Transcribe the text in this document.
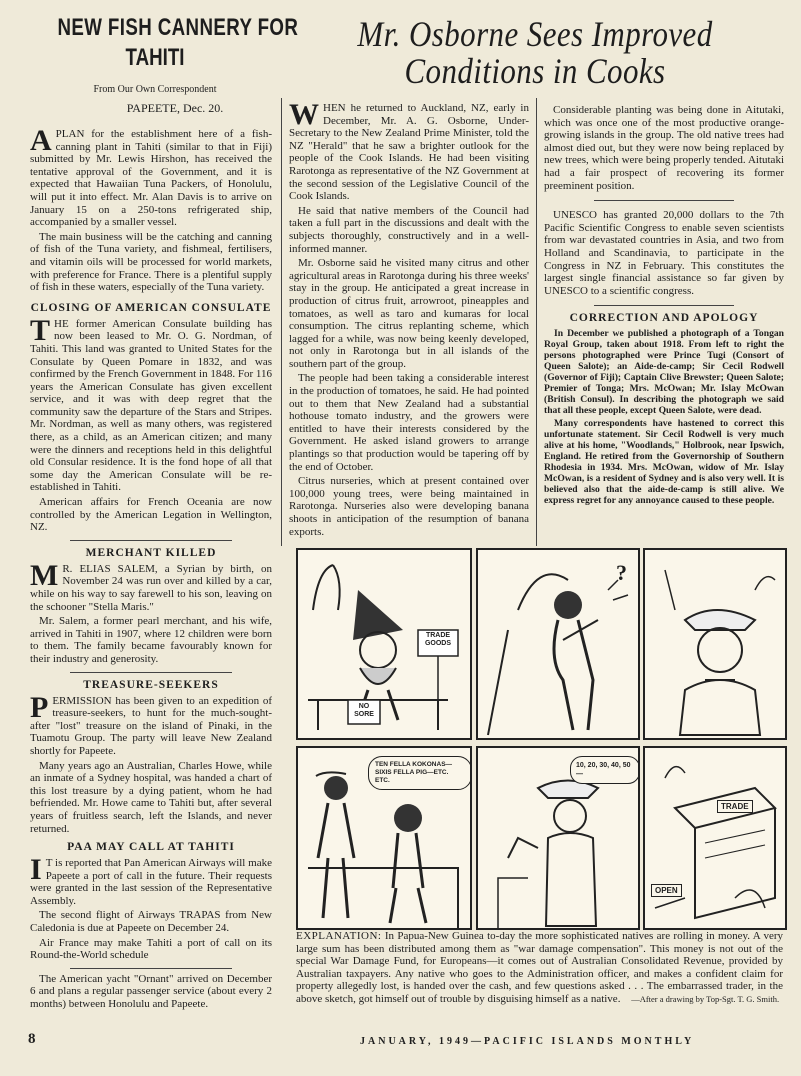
NEW FISH CANNERY FOR
TAHITI
From Our Own Correspondent
PAPEETE, Dec. 20.
Mr. Osborne Sees Improved
Conditions in Cooks

APLAN for the establishment here of a fish-canning plant in Tahiti (similar to that in Fiji) submitted by Mr. Lewis Hirshon, has received the tentative approval of the Government, and it is expected that Hawaiian Tuna Packers, of Honolulu, will put it into effect. Mr. Alan Davis is to arrive on January 15 on a 250-tons refrigerated ship, accompanied by a smaller vessel.

The main business will be the catching and canning of fish of the Tuna variety, and fishmeal, fertilisers, and vitamin oils will be processed for world markets, with preference for France. There is a plentiful supply of fish in these waters, especially of the Tuna variety.

CLOSING OF AMERICAN CONSULATE

THE former American Consulate building has now been leased to Mr. O. G. Nordman, of Tahiti. This land was granted to United States for the Consulate by Queen Pomare in 1832, and was confirmed by the French Government in 1848. For 116 years the American Consulate has given excellent service, and it was with deep regret that the community saw the departure of the Stars and Stripes. Mr. Nordman, as well as many others, was registered there, as a child, as an American citizen; and many were the dinners and receptions held in this delightful old Consular residence. It is the fond hope of all that some day the American Consulate will be re-established in Tahiti.

American affairs for French Oceania are now controlled by the American Legation in Wellington, NZ.

MERCHANT KILLED

M R. ELIAS SALEM, a Syrian by birth, on November 24 was run over and killed by a car, while on his way to say farewell to his son, leaving on the schooner "Stella Maris."

Mr. Salem, a former pearl merchant, and his wife, arrived in Tahiti in 1907, where 12 children were born to them. The family became favourably known for their industry and generosity.

TREASURE-SEEKERS

PERMISSION has been given to an expedition of treasure-seekers, to hunt for the much-sought-after "lost" treasure on the island of Pinaki, in the Tuamotu Group. The party will leave New Zealand shortly for Papeete.

Many years ago an Australian, Charles Howe, while an inmate of a Sydney hospital, was handed a chart of this lost treasure by a dying patient, whom he had befriended. Mr. Howe came to Tahiti but, after several years of fruitless search, left the Islands, and never returned.

PAA MAY CALL AT TAHITI

I T is reported that Pan American Airways will make Papeete a port of call in the future. Their requests were granted in the last session of the Representative Assembly.

The second flight of Airways TRAPAS from New Caledonia is due at Papeete on December 24.

Air France may make Tahiti a port of call on its Round-the-World schedule

The American yacht "Ornant" arrived on December 6 and plans a regular passenger service (about every 2 months) between Honolulu and Papeete.

WHEN he returned to Auckland, NZ, early in December, Mr. A. G. Osborne, Under-Secretary to the New Zealand Prime Minister, told the NZ "Herald" that he saw a brighter outlook for the people of the Cook Islands. He had been visiting Rarotonga as representative of the NZ Government at the second session of the Legislative Council of the Cook Islands.

He said that native members of the Council had taken a full part in the discussions and dealt with the subjects thoroughly, constructively and in a well-informed manner.

Mr. Osborne said he visited many citrus and other agricultural areas in Rarotonga during his three weeks' stay in the group. He anticipated a great increase in production of citrus fruit, arrowroot, pineapples and tomatoes, as well as taro and kumaras for local consumption. The citrus replanting scheme, which lagged for a while, was now being keenly developed, not only in Rarotonga but in all islands of the southern part of the group.

The people had been taking a considerable interest in the production of tomatoes, he said. He had pointed out to them that New Zealand had a substantial hothouse tomato industry, and the growers were entitled to have their interests considered by the Government. He asked island growers to arrange plantings so that production would be tapering off by the end of October.

Citrus nurseries, which at present contained over 100,000 young trees, were being maintained in Rarotonga. Nurseries also were developing banana shoots in anticipation of the resumption of banana exports.

Considerable planting was being done in Aitutaki, which was once one of the most productive orange-growing islands in the group. The old native trees had almost died out, but they were now being replaced by new trees, which were being properly tended. Aitutaki had a fair prospect of recovering its former preeminent position.

UNESCO has granted 20,000 dollars to the 7th Pacific Scientific Congress to enable seven scientists from war devastated countries in Asia, and two from Holland and Scandinavia, to participate in the Congress in NZ in February. This constitutes the largest single financial assistance so far given by UNESCO to a scientific congress.

CORRECTION AND APOLOGY

In December we published a photograph of a Tongan Royal Group, taken about 1918. From left to right the persons photographed were Prince Tugi (Consort of Queen Salote); an Aide-de-camp; Sir Cecil Rodwell (Governor of Fiji); Captain Clive Brewster; Queen Salote; Premier of Tonga; Mrs. McOwan; Mr. Islay McOwan (British Consul). In describing the photograph we said that all these people, except Queen Salote, were dead.

Many correspondents have hastened to correct this unfortunate statement. Sir Cecil Rodwell is very much alive at his home, "Woodlands," Holbrook, near Ipswich, England. He retired from the Governorship of Southern Rhodesia in 1934. Mrs. McOwan, widow of Mr. Islay McOwan, is a resident of Sydney and is also very well. It is believed also that the aide-de-camp is still alive. We express regret for any annoyance caused to these people.

TRADE GOODS
NO SORE
?
TEN FELLA KOKONAS—SIXIS FELLA PIG—ETC. ETC.
10, 20, 30, 40, 50—
TRADE
OPEN
EXPLANATION: In Papua-New Guinea to-day the more sophisticated natives are rolling in money. A very large sum has been distributed among them as "war damage compensation". This money is not out of the special War Damage Fund, for Europeans—it comes out of Australian Consolidated Revenue, provided by Australian taxpayers. Any native who goes to the Administration officer, and makes a confident claim for property allegedly lost, is handed over the cash, and few questions asked . . . The embarrassed trader, in the above sketch, got himself out of trouble by disguising himself as a native. —After a drawing by Top-Sgt. T. G. Smith.
8	JANUARY, 1949—PACIFIC ISLANDS MONTHLY
